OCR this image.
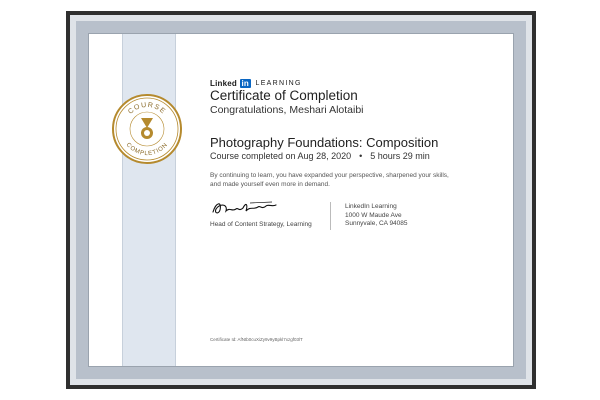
COURSE
COMPLETION
Linked in LEARNING
Certificate of Completion
Congratulations, Meshari Alotaibi
Photography Foundations: Composition
Course completed on Aug 28, 2020 • 5 hours 29 min
By continuing to learn, you have expanded your perspective, sharpened your skills, and made yourself even more in demand.
Head of Content Strategy, Learning
LinkedIn Learning
1000 W Maude Ave
Sunnyvale, CA 94085
Certificate Id: AfNtb0cuXiZy9v9yBpkl7xzgf03lT
